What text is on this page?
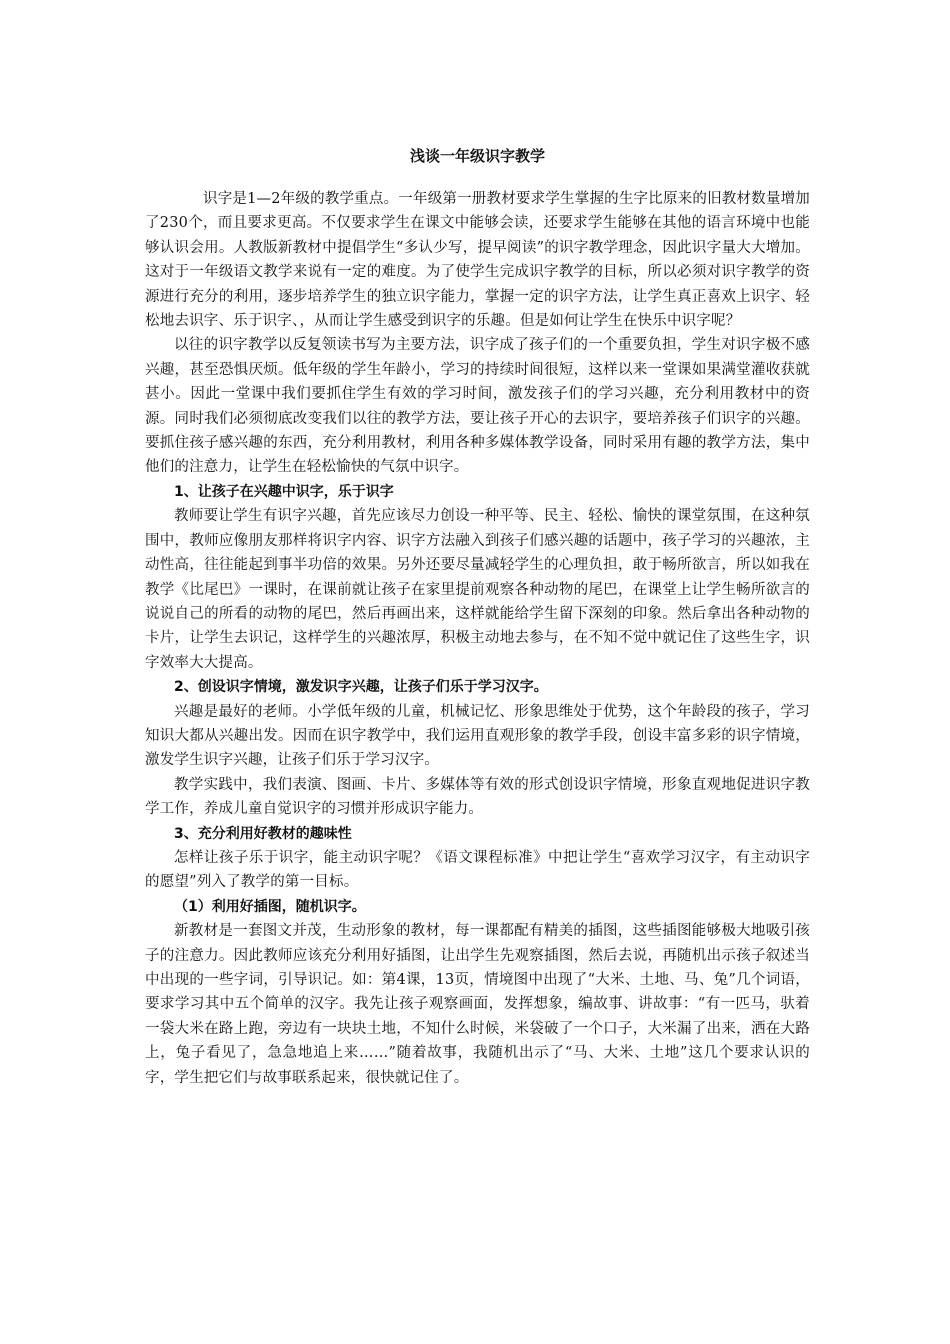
浅谈一年级识字教学

识字是1—2年级的教学重点。一年级第一册教材要求学生掌握的生字比原来的旧教材数量增加了230个，而且要求更高。不仅要求学生在课文中能够会读，还要求学生能够在其他的语言环境中也能够认识会用。人教版新教材中提倡学生“多认少写，提早阅读”的识字教学理念，因此识字量大大增加。这对于一年级语文教学来说有一定的难度。为了使学生完成识字教学的目标，所以必须对识字教学的资源进行充分的利用，逐步培养学生的独立识字能力，掌握一定的识字方法，让学生真正喜欢上识字、轻松地去识字、乐于识字、，从而让学生感受到识字的乐趣。但是如何让学生在快乐中识字呢？

以往的识字教学以反复领读书写为主要方法，识字成了孩子们的一个重要负担，学生对识字极不感兴趣，甚至恐惧厌烦。低年级的学生年龄小，学习的持续时间很短，这样以来一堂课如果满堂灌收获就甚小。因此一堂课中我们要抓住学生有效的学习时间，激发孩子们的学习兴趣，充分利用教材中的资源。同时我们必须彻底改变我们以往的教学方法，要让孩子开心的去识字，要培养孩子们识字的兴趣。要抓住孩子感兴趣的东西，充分利用教材，利用各种多媒体教学设备，同时采用有趣的教学方法，集中他们的注意力，让学生在轻松愉快的气氛中识字。

1、让孩子在兴趣中识字，乐于识字

教师要让学生有识字兴趣，首先应该尽力创设一种平等、民主、轻松、愉快的课堂氛围，在这种氛围中，教师应像朋友那样将识字内容、识字方法融入到孩子们感兴趣的话题中，孩子学习的兴趣浓，主动性高，往往能起到事半功倍的效果。另外还要尽量减轻学生的心理负担，敢于畅所欲言，所以如我在教学《比尾巴》一课时，在课前就让孩子在家里提前观察各种动物的尾巴，在课堂上让学生畅所欲言的说说自己的所看的动物的尾巴，然后再画出来，这样就能给学生留下深刻的印象。然后拿出各种动物的卡片，让学生去识记，这样学生的兴趣浓厚，积极主动地去参与，在不知不觉中就记住了这些生字，识字效率大大提高。

2、创设识字情境，激发识字兴趣，让孩子们乐于学习汉字。

兴趣是最好的老师。小学低年级的儿童，机械记忆、形象思维处于优势，这个年龄段的孩子，学习知识大都从兴趣出发。因而在识字教学中，我们运用直观形象的教学手段，创设丰富多彩的识字情境，激发学生识字兴趣，让孩子们乐于学习汉字。

教学实践中，我们表演、图画、卡片、多媒体等有效的形式创设识字情境，形象直观地促进识字教学工作，养成儿童自觉识字的习惯并形成识字能力。

3、充分利用好教材的趣味性

怎样让孩子乐于识字，能主动识字呢？《语文课程标准》中把让学生“喜欢学习汉字，有主动识字的愿望”列入了教学的第一目标。

（1）利用好插图，随机识字。

新教材是一套图文并茂，生动形象的教材，每一课都配有精美的插图，这些插图能够极大地吸引孩子的注意力。因此教师应该充分利用好插图，让出学生先观察插图，然后去说，再随机出示孩子叙述当中出现的一些字词，引导识记。如：第4课，13页，情境图中出现了“大米、土地、马、兔”几个词语，要求学习其中五个简单的汉字。我先让孩子观察画面，发挥想象，编故事、讲故事：“有一匹马，驮着一袋大米在路上跑，旁边有一块块土地，不知什么时候，米袋破了一个口子，大米漏了出来，洒在大路上，兔子看见了，急急地追上来……”随着故事，我随机出示了“马、大米、土地”这几个要求认识的字，学生把它们与故事联系起来，很快就记住了。
